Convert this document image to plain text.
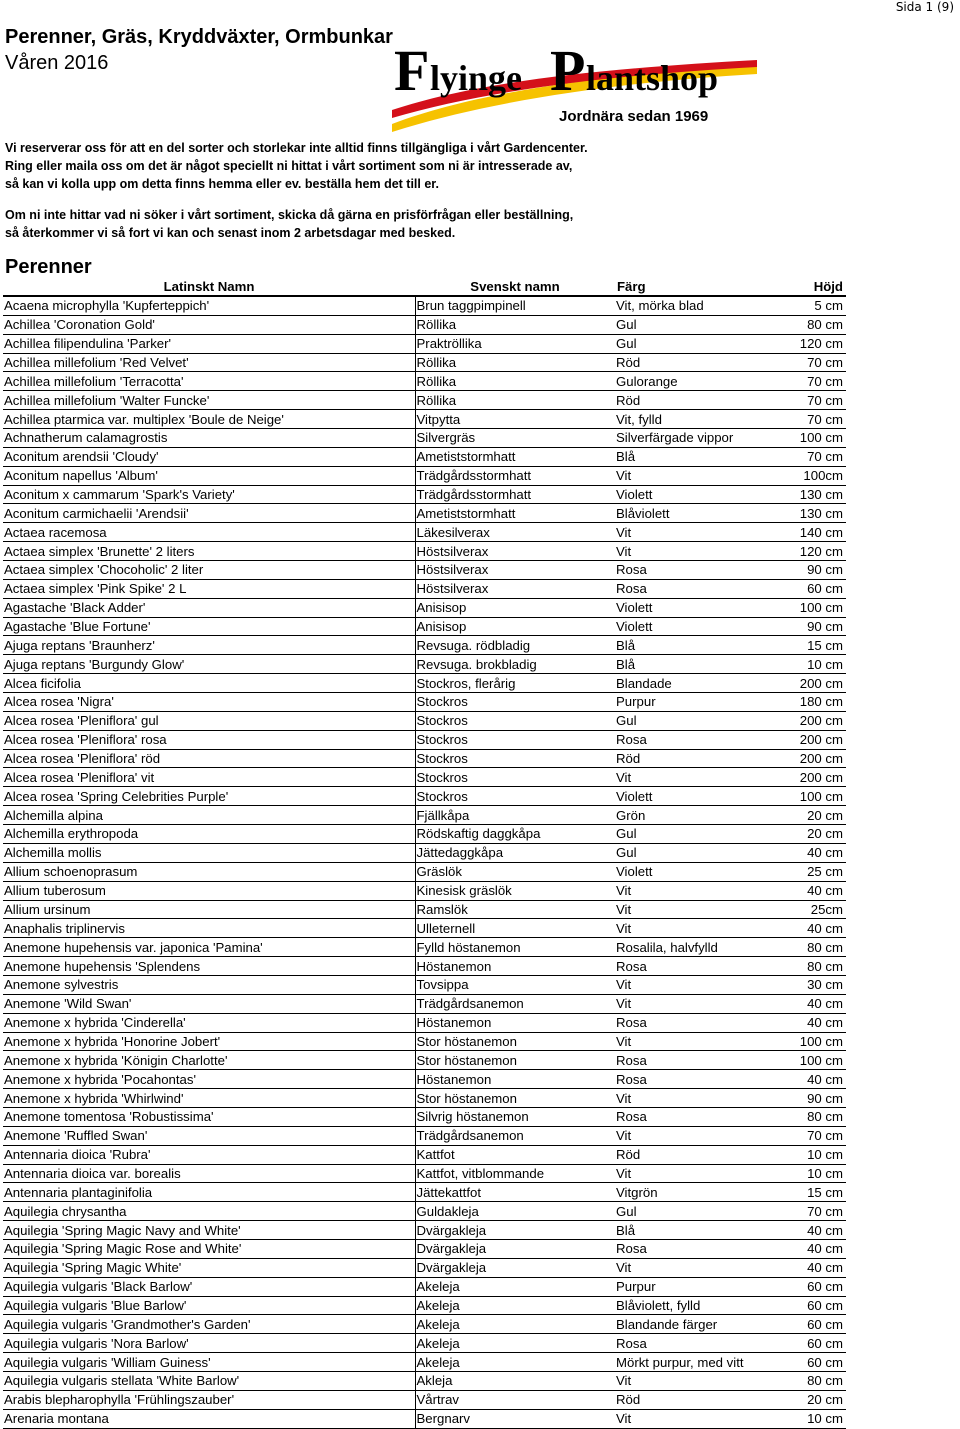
Sida 1 (9)
Perenner, Gräs, Kryddväxter, Ormbunkar
Våren 2016	F lyinge P lantshop
Jordnära sedan 1969
Vi reserverar oss för att en del sorter och storlekar inte alltid finns tillgängliga i vårt Gardencenter.
Ring eller maila oss om det är något speciellt ni hittat i vårt sortiment som ni är intresserade av,
så kan vi kolla upp om detta finns hemma eller ev. beställa hem det till er.
Om ni inte hittar vad ni söker i vårt sortiment, skicka då gärna en prisförfrågan eller beställning,
så återkommer vi så fort vi kan och senast inom 2 arbetsdagar med besked.
Perenner
Latinskt Namn	Svenskt namn	Färg	Höjd
Acaena microphylla 'Kupferteppich'	Brun taggpimpinell	Vit, mörka blad	5 cm
Achillea 'Coronation Gold'	Röllika	Gul	80 cm
Achillea filipendulina 'Parker'	Praktröllika	Gul	120 cm
Achillea millefolium 'Red Velvet'	Röllika	Röd	70 cm
Achillea millefolium 'Terracotta'	Röllika	Gulorange	70 cm
Achillea millefolium 'Walter Funcke'	Röllika	Röd	70 cm
Achillea ptarmica var. multiplex 'Boule de Neige'	Vitpytta	Vit, fylld	70 cm
Achnatherum calamagrostis	Silvergräs	Silverfärgade vippor	100 cm
Aconitum arendsii 'Cloudy'	Ametiststormhatt	Blå	70 cm
Aconitum napellus 'Album'	Trädgårdsstormhatt	Vit	100cm
Aconitum x cammarum 'Spark's Variety'	Trädgårdsstormhatt	Violett	130 cm
Aconitum carmichaelii 'Arendsii'	Ametiststormhatt	Blåviolett	130 cm
Actaea racemosa	Läkesilverax	Vit	140 cm
Actaea simplex 'Brunette' 2 liters	Höstsilverax	Vit	120 cm
Actaea simplex 'Chocoholic' 2 liter	Höstsilverax	Rosa	90 cm
Actaea simplex 'Pink Spike' 2 L	Höstsilverax	Rosa	60 cm
Agastache 'Black Adder'	Anisisop	Violett	100 cm
Agastache 'Blue Fortune'	Anisisop	Violett	90 cm
Ajuga reptans 'Braunherz'	Revsuga. rödbladig	Blå	15 cm
Ajuga reptans 'Burgundy Glow'	Revsuga. brokbladig	Blå	10 cm
Alcea ficifolia	Stockros, flerårig	Blandade	200 cm
Alcea rosea 'Nigra'	Stockros	Purpur	180 cm
Alcea rosea 'Pleniflora' gul	Stockros	Gul	200 cm
Alcea rosea 'Pleniflora' rosa	Stockros	Rosa	200 cm
Alcea rosea 'Pleniflora' röd	Stockros	Röd	200 cm
Alcea rosea 'Pleniflora' vit	Stockros	Vit	200 cm
Alcea rosea 'Spring Celebrities Purple'	Stockros	Violett	100 cm
Alchemilla alpina	Fjällkåpa	Grön	20 cm
Alchemilla erythropoda	Rödskaftig daggkåpa	Gul	20 cm
Alchemilla mollis	Jättedaggkåpa	Gul	40 cm
Allium schoenoprasum	Gräslök	Violett	25 cm
Allium tuberosum	Kinesisk gräslök	Vit	40 cm
Allium ursinum	Ramslök	Vit	25cm
Anaphalis triplinervis	Ulleternell	Vit	40 cm
Anemone hupehensis var. japonica 'Pamina'	Fylld höstanemon	Rosalila, halvfylld	80 cm
Anemone hupehensis 'Splendens	Höstanemon	Rosa	80 cm
Anemone sylvestris	Tovsippa	Vit	30 cm
Anemone 'Wild Swan'	Trädgårdsanemon	Vit	40 cm
Anemone x hybrida 'Cinderella'	Höstanemon	Rosa	40 cm
Anemone x hybrida 'Honorine Jobert'	Stor höstanemon	Vit	100 cm
Anemone x hybrida 'Königin Charlotte'	Stor höstanemon	Rosa	100 cm
Anemone x hybrida 'Pocahontas'	Höstanemon	Rosa	40 cm
Anemone x hybrida 'Whirlwind'	Stor höstanemon	Vit	90 cm
Anemone tomentosa 'Robustissima'	Silvrig höstanemon	Rosa	80 cm
Anemone 'Ruffled Swan'	Trädgårdsanemon	Vit	70 cm
Antennaria dioica 'Rubra'	Kattfot	Röd	10 cm
Antennaria dioica var. borealis	Kattfot, vitblommande	Vit	10 cm
Antennaria plantaginifolia	Jättekattfot	Vitgrön	15 cm
Aquilegia chrysantha	Guldakleja	Gul	70 cm
Aquilegia 'Spring Magic Navy and White'	Dvärgakleja	Blå	40 cm
Aquilegia 'Spring Magic Rose and White'	Dvärgakleja	Rosa	40 cm
Aquilegia 'Spring Magic White'	Dvärgakleja	Vit	40 cm
Aquilegia vulgaris 'Black Barlow'	Akeleja	Purpur	60 cm
Aquilegia vulgaris 'Blue Barlow'	Akeleja	Blåviolett, fylld	60 cm
Aquilegia vulgaris 'Grandmother's Garden'	Akeleja	Blandande färger	60 cm
Aquilegia vulgaris 'Nora Barlow'	Akeleja	Rosa	60 cm
Aquilegia vulgaris 'William Guiness'	Akeleja	Mörkt purpur, med vitt	60 cm
Aquilegia vulgaris stellata 'White Barlow'	Akleja	Vit	80 cm
Arabis blepharophylla 'Frühlingszauber'	Vårtrav	Röd	20 cm
Arenaria montana	Bergnarv	Vit	10 cm
